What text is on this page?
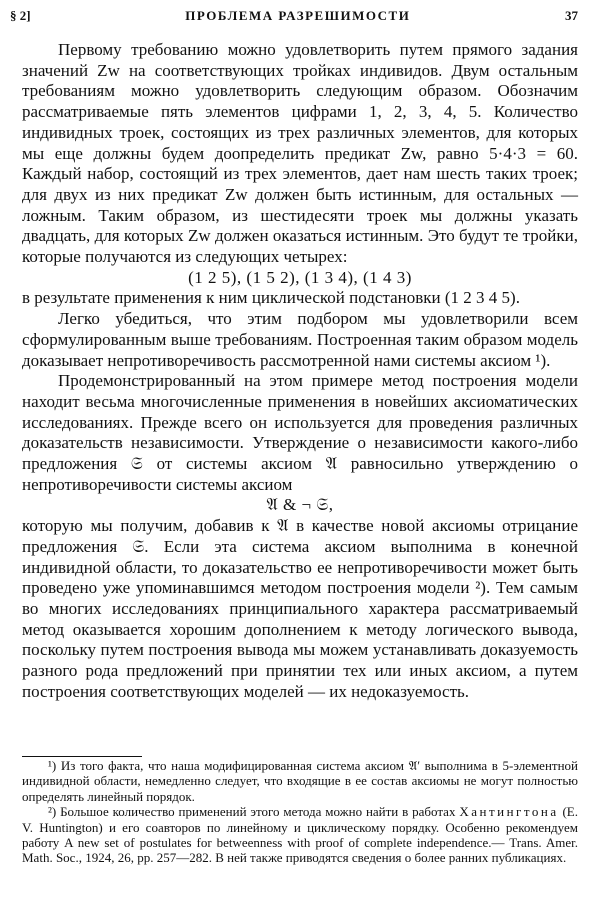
§ 2]	ПРОБЛЕМА РАЗРЕШИМОСТИ	37

Первому требованию можно удовлетворить путем прямого задания значений Zw на соответствующих тройках индивидов. Двум остальным требованиям можно удовлетворить следующим образом. Обозначим рассматриваемые пять элементов цифрами 1, 2, 3, 4, 5. Количество индивидных троек, состоящих из трех различных элементов, для которых мы еще должны будем доопределить предикат Zw, равно 5·4·3 = 60. Каждый набор, состоящий из трех элементов, дает нам шесть таких троек; для двух из них предикат Zw должен быть истинным, для остальных — ложным. Таким образом, из шестидесяти троек мы должны указать двадцать, для которых Zw должен оказаться истинным. Это будут те тройки, которые получаются из следующих четырех:

(1 2 5), (1 5 2), (1 3 4), (1 4 3)

в результате применения к ним циклической подстановки (1 2 3 4 5).

Легко убедиться, что этим подбором мы удовлетворили всем сформулированным выше требованиям. Построенная таким образом модель доказывает непротиворечивость рассмотренной нами системы аксиом ¹).

Продемонстрированный на этом примере метод построения модели находит весьма многочисленные применения в новейших аксиоматических исследованиях. Прежде всего он используется для проведения различных доказательств независимости. Утверждение о независимости какого-либо предложения 𝔖 от системы аксиом 𝔄 равносильно утверждению о непротиворечивости системы аксиом

𝔄 & ¬ 𝔖,

которую мы получим, добавив к 𝔄 в качестве новой аксиомы отрицание предложения 𝔖. Если эта система аксиом выполнима в конечной индивидной области, то доказательство ее непротиворечивости может быть проведено уже упоминавшимся методом построения модели ²). Тем самым во многих исследованиях принципиального характера рассматриваемый метод оказывается хорошим дополнением к методу логического вывода, поскольку путем построения вывода мы можем устанавливать доказуемость разного рода предложений при принятии тех или иных аксиом, а путем построения соответствующих моделей — их недоказуемость.

¹) Из того факта, что наша модифицированная система аксиом 𝔄′ выполнима в 5-элементной индивидной области, немедленно следует, что входящие в ее состав аксиомы не могут полностью определять линейный порядок.

²) Большое количество применений этого метода можно найти в работах Хантингтона (E. V. Huntington) и его соавторов по линейному и циклическому порядку. Особенно рекомендуем работу A new set of postulates for betweenness with proof of complete independence.— Trans. Amer. Math. Soc., 1924, 26, pp. 257—282. В ней также приводятся сведения о более ранних публикациях.
